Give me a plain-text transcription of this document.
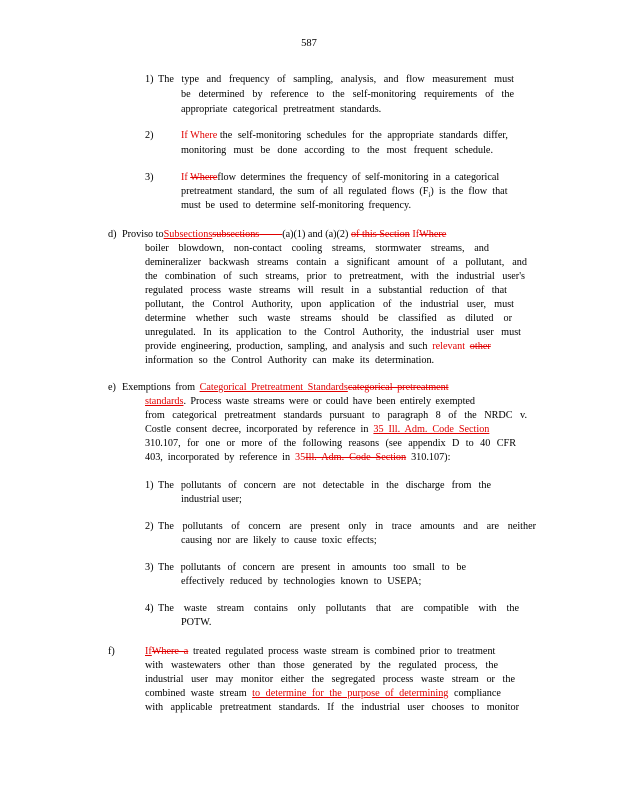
587
1) The type and frequency of sampling, analysis, and flow measurement must
be determined by reference to the self-monitoring requirements of the
appropriate categorical pretreatment standards.
2)	If Where the self-monitoring schedules for the appropriate standards differ,
monitoring must be done according to the most frequent schedule.
3)	If Whereflow determines the frequency of self-monitoring in a categorical
pretreatment standard, the sum of all regulated flows $(F_i)$ is the flow that
must be used to determine self-monitoring frequency.
d) Proviso toSubsectionssubsections (a)(1) and (a)(2) of this Section IfWhere
boiler blowdown, non-contact cooling streams, stormwater streams, and
demineralizer backwash streams contain a significant amount of a pollutant, and
the combination of such streams, prior to pretreatment, with the industrial user's
regulated process waste streams will result in a substantial reduction of that
pollutant, the Control Authority, upon application of the industrial user, must
determine whether such waste streams should be classified as diluted or
unregulated. In its application to the Control Authority, the industrial user must
provide engineering, production, sampling, and analysis and such relevant other
information so the Control Authority can make its determination.
e) Exemptions from Categorical Pretreatment Standardscategorical pretreatment
standards. Process waste streams were or could have been entirely exempted
from categorical pretreatment standards pursuant to paragraph 8 of the NRDC v.
Costle consent decree, incorporated by reference in 35 Ill. Adm. Code Section
310.107, for one or more of the following reasons (see appendix D to 40 CFR
403, incorporated by reference in 35Ill. Adm. Code Section 310.107):
1) The pollutants of concern are not detectable in the discharge from the
industrial user;
2) The pollutants of concern are present only in trace amounts and are neither
causing nor are likely to cause toxic effects;
3) The pollutants of concern are present in amounts too small to be
effectively reduced by technologies known to USEPA;
4) The waste stream contains only pollutants that are compatible with the
POTW.
f)	IfWhere a treated regulated process waste stream is combined prior to treatment
with wastewaters other than those generated by the regulated process, the
industrial user may monitor either the segregated process waste stream or the
combined waste stream to determine for the purpose of determining compliance
with applicable pretreatment standards. If the industrial user chooses to monitor
